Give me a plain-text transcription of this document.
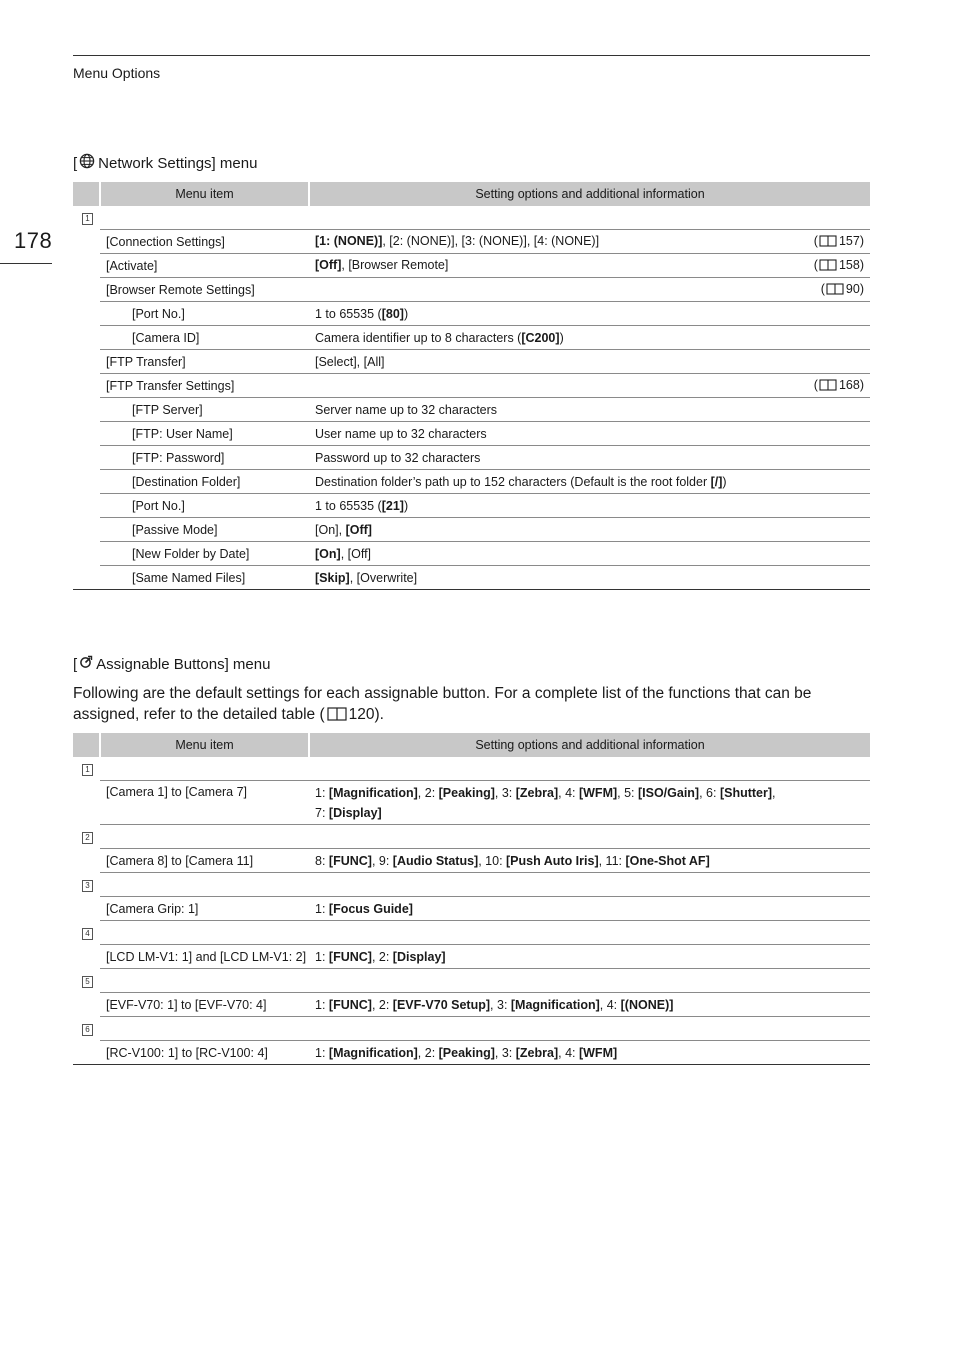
Menu Options
178
[ Network Settings] menu
	Menu item	Setting options and additional information
1		
	[Connection Settings]	[1: (NONE)], [2: (NONE)], [3: (NONE)], [4: (NONE)] ( 157)

	[Activate]	[Off], [Browser Remote] ( 158)

	[Browser Remote Settings]	( 90)

	[Port No.]	1 to 65535 ([80])
	[Camera ID]	Camera identifier up to 8 characters ([C200])
	[FTP Transfer]	[Select], [All]
	[FTP Transfer Settings]	( 168)

	[FTP Server]	Server name up to 32 characters
	[FTP: User Name]	User name up to 32 characters
	[FTP: Password]	Password up to 32 characters
	[Destination Folder]	Destination folder’s path up to 152 characters (Default is the root folder [/])
	[Port No.]	1 to 65535 ([21])
	[Passive Mode]	[On], [Off]
	[New Folder by Date]	[On], [Off]
	[Same Named Files]	[Skip], [Overwrite]
[ Assignable Buttons] menu
Following are the default settings for each assignable button. For a complete list of the functions that can be assigned, refer to the detailed table ( 120).
	Menu item	Setting options and additional information
1		
	[Camera 1] to [Camera 7]	1: [Magnification], 2: [Peaking], 3: [Zebra], 4: [WFM], 5: [ISO/Gain], 6: [Shutter],
7: [Display]
2		
	[Camera 8] to [Camera 11]	8: [FUNC], 9: [Audio Status], 10: [Push Auto Iris], 11: [One-Shot AF]
3		
	[Camera Grip: 1]	1: [Focus Guide]
4		
	[LCD LM-V1: 1] and [LCD LM-V1: 2]	1: [FUNC], 2: [Display]
5		
	[EVF-V70: 1] to [EVF-V70: 4]	1: [FUNC], 2: [EVF-V70 Setup], 3: [Magnification], 4: [(NONE)]
6		
	[RC-V100: 1] to [RC-V100: 4]	1: [Magnification], 2: [Peaking], 3: [Zebra], 4: [WFM]
